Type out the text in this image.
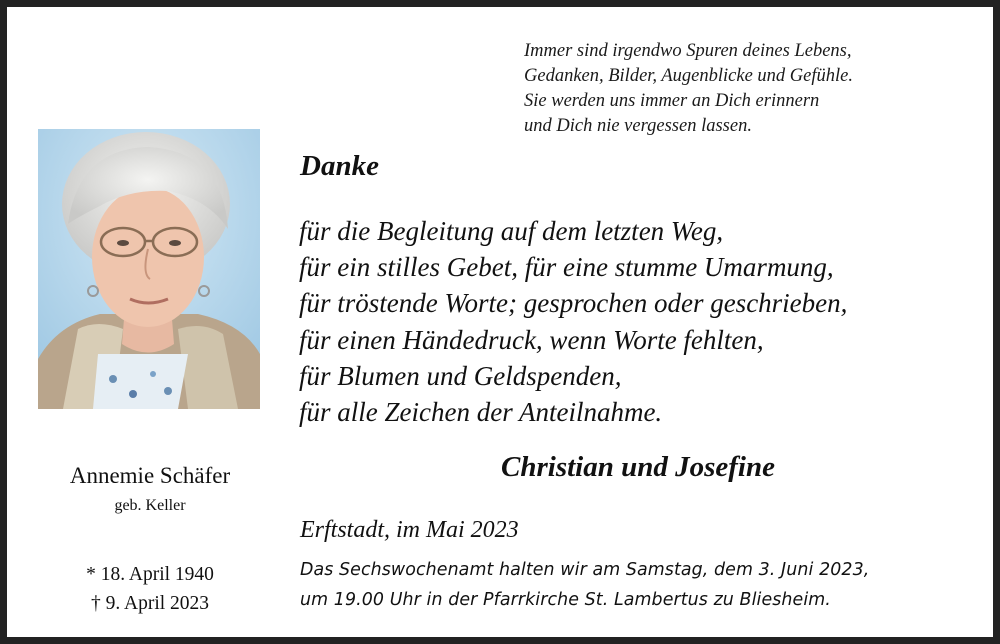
Immer sind irgendwo Spuren deines Lebens,
Gedanken, Bilder, Augenblicke und Gefühle.
Sie werden uns immer an Dich erinnern
und Dich nie vergessen lassen.
Danke
für die Begleitung auf dem letzten Weg,
für ein stilles Gebet, für eine stumme Umarmung,
für tröstende Worte; gesprochen oder geschrieben,
für einen Händedruck, wenn Worte fehlten,
für Blumen und Geldspenden,
für alle Zeichen der Anteilnahme.
Christian und Josefine
Annemie Schäfer
geb. Keller
* 18. April 1940
† 9. April 2023
Erftstadt, im Mai 2023
Das Sechswochenamt halten wir am Samstag, dem 3. Juni 2023,
um 19.00 Uhr in der Pfarrkirche St. Lambertus zu Bliesheim.
